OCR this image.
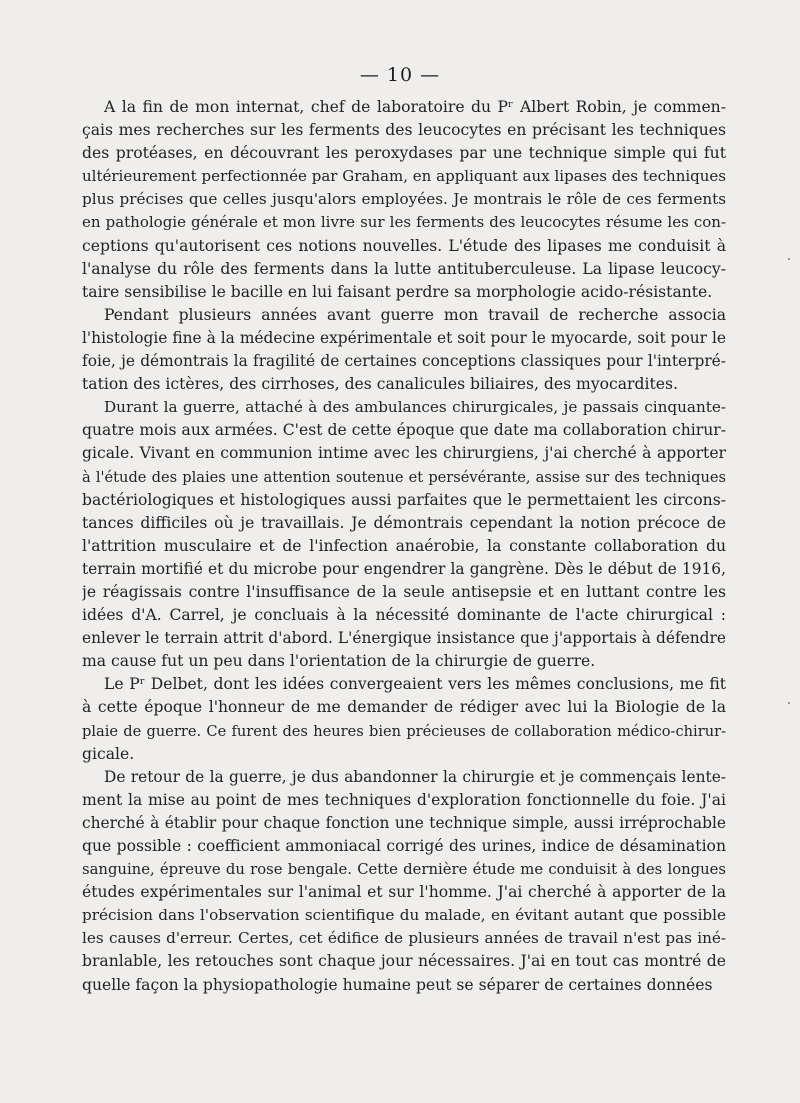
— 10 —
A la fin de mon internat, chef de laboratoire du Pʳ Albert Robin, je commen-
çais mes recherches sur les ferments des leucocytes en précisant les techniques
des protéases, en découvrant les peroxydases par une technique simple qui fut
ultérieurement perfectionnée par Graham, en appliquant aux lipases des techniques
plus précises que celles jusqu'alors employées. Je montrais le rôle de ces ferments
en pathologie générale et mon livre sur les ferments des leucocytes résume les con-
ceptions qu'autorisent ces notions nouvelles. L'étude des lipases me conduisit à
l'analyse du rôle des ferments dans la lutte antituberculeuse. La lipase leucocy-
taire sensibilise le bacille en lui faisant perdre sa morphologie acido-résistante.
Pendant plusieurs années avant guerre mon travail de recherche associa
l'histologie fine à la médecine expérimentale et soit pour le myocarde, soit pour le
foie, je démontrais la fragilité de certaines conceptions classiques pour l'interpré-
tation des ictères, des cirrhoses, des canalicules biliaires, des myocardites.
Durant la guerre, attaché à des ambulances chirurgicales, je passais cinquante-
quatre mois aux armées. C'est de cette époque que date ma collaboration chirur-
gicale. Vivant en communion intime avec les chirurgiens, j'ai cherché à apporter
à l'étude des plaies une attention soutenue et persévérante, assise sur des techniques
bactériologiques et histologiques aussi parfaites que le permettaient les circons-
tances difficiles où je travaillais. Je démontrais cependant la notion précoce de
l'attrition musculaire et de l'infection anaérobie, la constante collaboration du
terrain mortifié et du microbe pour engendrer la gangrène. Dès le début de 1916,
je réagissais contre l'insuffisance de la seule antisepsie et en luttant contre les
idées d'A. Carrel, je concluais à la nécessité dominante de l'acte chirurgical :
enlever le terrain attrit d'abord. L'énergique insistance que j'apportais à défendre
ma cause fut un peu dans l'orientation de la chirurgie de guerre.
Le Pʳ Delbet, dont les idées convergeaient vers les mêmes conclusions, me fit
à cette époque l'honneur de me demander de rédiger avec lui la Biologie de la
plaie de guerre. Ce furent des heures bien précieuses de collaboration médico-chirur-
gicale.
De retour de la guerre, je dus abandonner la chirurgie et je commençais lente-
ment la mise au point de mes techniques d'exploration fonctionnelle du foie. J'ai
cherché à établir pour chaque fonction une technique simple, aussi irréprochable
que possible : coefficient ammoniacal corrigé des urines, indice de désamination
sanguine, épreuve du rose bengale. Cette dernière étude me conduisit à des longues
études expérimentales sur l'animal et sur l'homme. J'ai cherché à apporter de la
précision dans l'observation scientifique du malade, en évitant autant que possible
les causes d'erreur. Certes, cet édifice de plusieurs années de travail n'est pas iné-
branlable, les retouches sont chaque jour nécessaires. J'ai en tout cas montré de
quelle façon la physiopathologie humaine peut se séparer de certaines données
